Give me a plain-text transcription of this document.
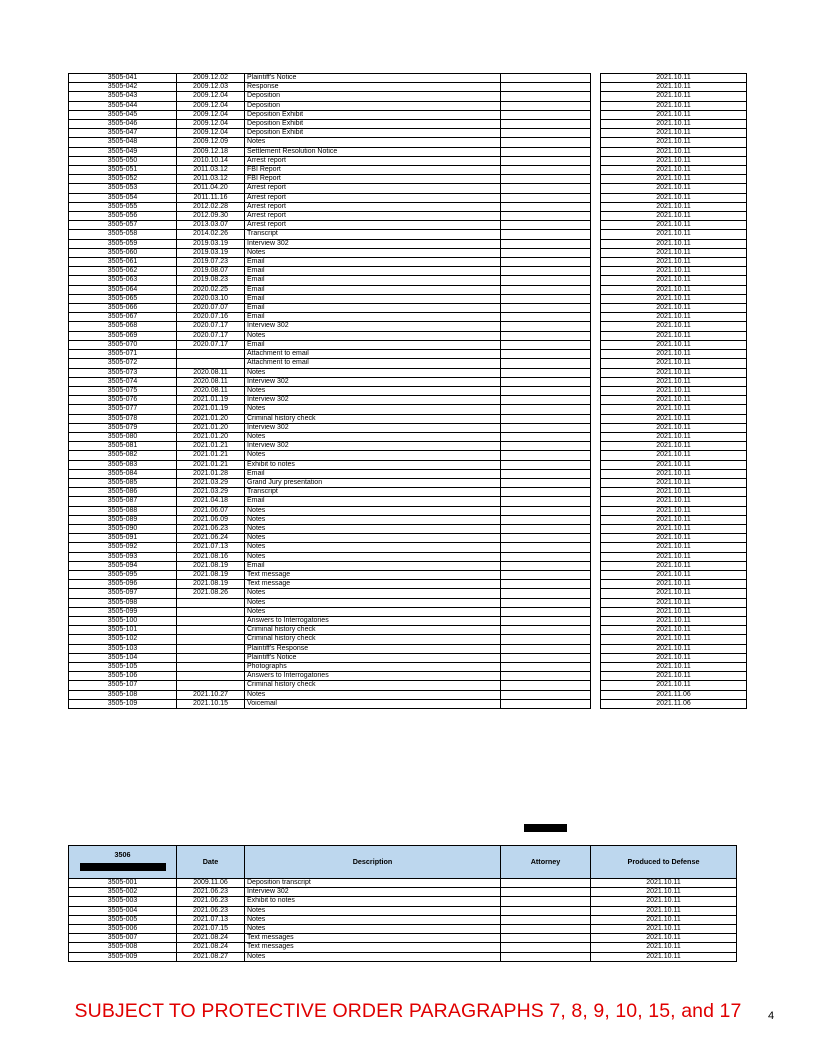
3505-041	2009.12.02	Plaintiff's Notice			2021.10.11
3505-042	2009.12.03	Response			2021.10.11
3505-043	2009.12.04	Deposition			2021.10.11
3505-044	2009.12.04	Deposition			2021.10.11
3505-045	2009.12.04	Deposition Exhibit			2021.10.11
3505-046	2009.12.04	Deposition Exhibit			2021.10.11
3505-047	2009.12.04	Deposition Exhibit			2021.10.11
3505-048	2009.12.09	Notes			2021.10.11
3505-049	2009.12.18	Settlement Resolution Notice			2021.10.11
3505-050	2010.10.14	Arrest report			2021.10.11
3505-051	2011.03.12	FBI Report			2021.10.11
3505-052	2011.03.12	FBI Report			2021.10.11
3505-053	2011.04.20	Arrest report			2021.10.11
3505-054	2011.11.16	Arrest report			2021.10.11
3505-055	2012.02.28	Arrest report			2021.10.11
3505-056	2012.09.30	Arrest report			2021.10.11
3505-057	2013.03.07	Arrest report			2021.10.11
3505-058	2014.02.26	Transcript			2021.10.11
3505-059	2019.03.19	Interview 302			2021.10.11
3505-060	2019.03.19	Notes			2021.10.11
3505-061	2019.07.23	Email			2021.10.11
3505-062	2019.08.07	Email			2021.10.11
3505-063	2019.08.23	Email			2021.10.11
3505-064	2020.02.25	Email			2021.10.11
3505-065	2020.03.10	Email			2021.10.11
3505-066	2020.07.07	Email			2021.10.11
3505-067	2020.07.16	Email			2021.10.11
3505-068	2020.07.17	Interview 302			2021.10.11
3505-069	2020.07.17	Notes			2021.10.11
3505-070	2020.07.17	Email			2021.10.11
3505-071		Attachment to email			2021.10.11
3505-072		Attachment to email			2021.10.11
3505-073	2020.08.11	Notes			2021.10.11
3505-074	2020.08.11	Interview 302			2021.10.11
3505-075	2020.08.11	Notes			2021.10.11
3505-076	2021.01.19	Interview 302			2021.10.11
3505-077	2021.01.19	Notes			2021.10.11
3505-078	2021.01.20	Criminal history check			2021.10.11
3505-079	2021.01.20	Interview 302			2021.10.11
3505-080	2021.01.20	Notes			2021.10.11
3505-081	2021.01.21	Interview 302			2021.10.11
3505-082	2021.01.21	Notes			2021.10.11
3505-083	2021.01.21	Exhibit to notes			2021.10.11
3505-084	2021.01.28	Email			2021.10.11
3505-085	2021.03.29	Grand Jury presentation			2021.10.11
3505-086	2021.03.29	Transcript			2021.10.11
3505-087	2021.04.18	Email			2021.10.11
3505-088	2021.06.07	Notes			2021.10.11
3505-089	2021.06.09	Notes			2021.10.11
3505-090	2021.06.23	Notes			2021.10.11
3505-091	2021.06.24	Notes			2021.10.11
3505-092	2021.07.13	Notes			2021.10.11
3505-093	2021.08.16	Notes			2021.10.11
3505-094	2021.08.19	Email			2021.10.11
3505-095	2021.08.19	Text message			2021.10.11
3505-096	2021.08.19	Text message			2021.10.11
3505-097	2021.08.26	Notes			2021.10.11
3505-098		Notes			2021.10.11
3505-099		Notes			2021.10.11
3505-100		Answers to Interrogatories			2021.10.11
3505-101		Criminal history check			2021.10.11
3505-102		Criminal history check			2021.10.11
3505-103		Plaintiff's Response			2021.10.11
3505-104		Plaintiff's Notice			2021.10.11
3505-105		Photographs			2021.10.11
3505-106		Answers to Interrogatories			2021.10.11
3505-107		Criminal history check			2021.10.11
3505-108	2021.10.27	Notes			2021.11.06
3505-109	2021.10.15	Voicemail			2021.11.06
3506	Date	Description	Attorney	Produced to Defense
3505-001	2009.11.06	Deposition transcript		2021.10.11
3505-002	2021.06.23	Interview 302		2021.10.11
3505-003	2021.06.23	Exhibit to notes		2021.10.11
3505-004	2021.06.23	Notes		2021.10.11
3505-005	2021.07.13	Notes		2021.10.11
3505-006	2021.07.15	Notes		2021.10.11
3505-007	2021.08.24	Text messages		2021.10.11
3505-008	2021.08.24	Text messages		2021.10.11
3505-009	2021.08.27	Notes		2021.10.11
SUBJECT TO PROTECTIVE ORDER PARAGRAPHS 7, 8, 9, 10, 15, and 17	4
